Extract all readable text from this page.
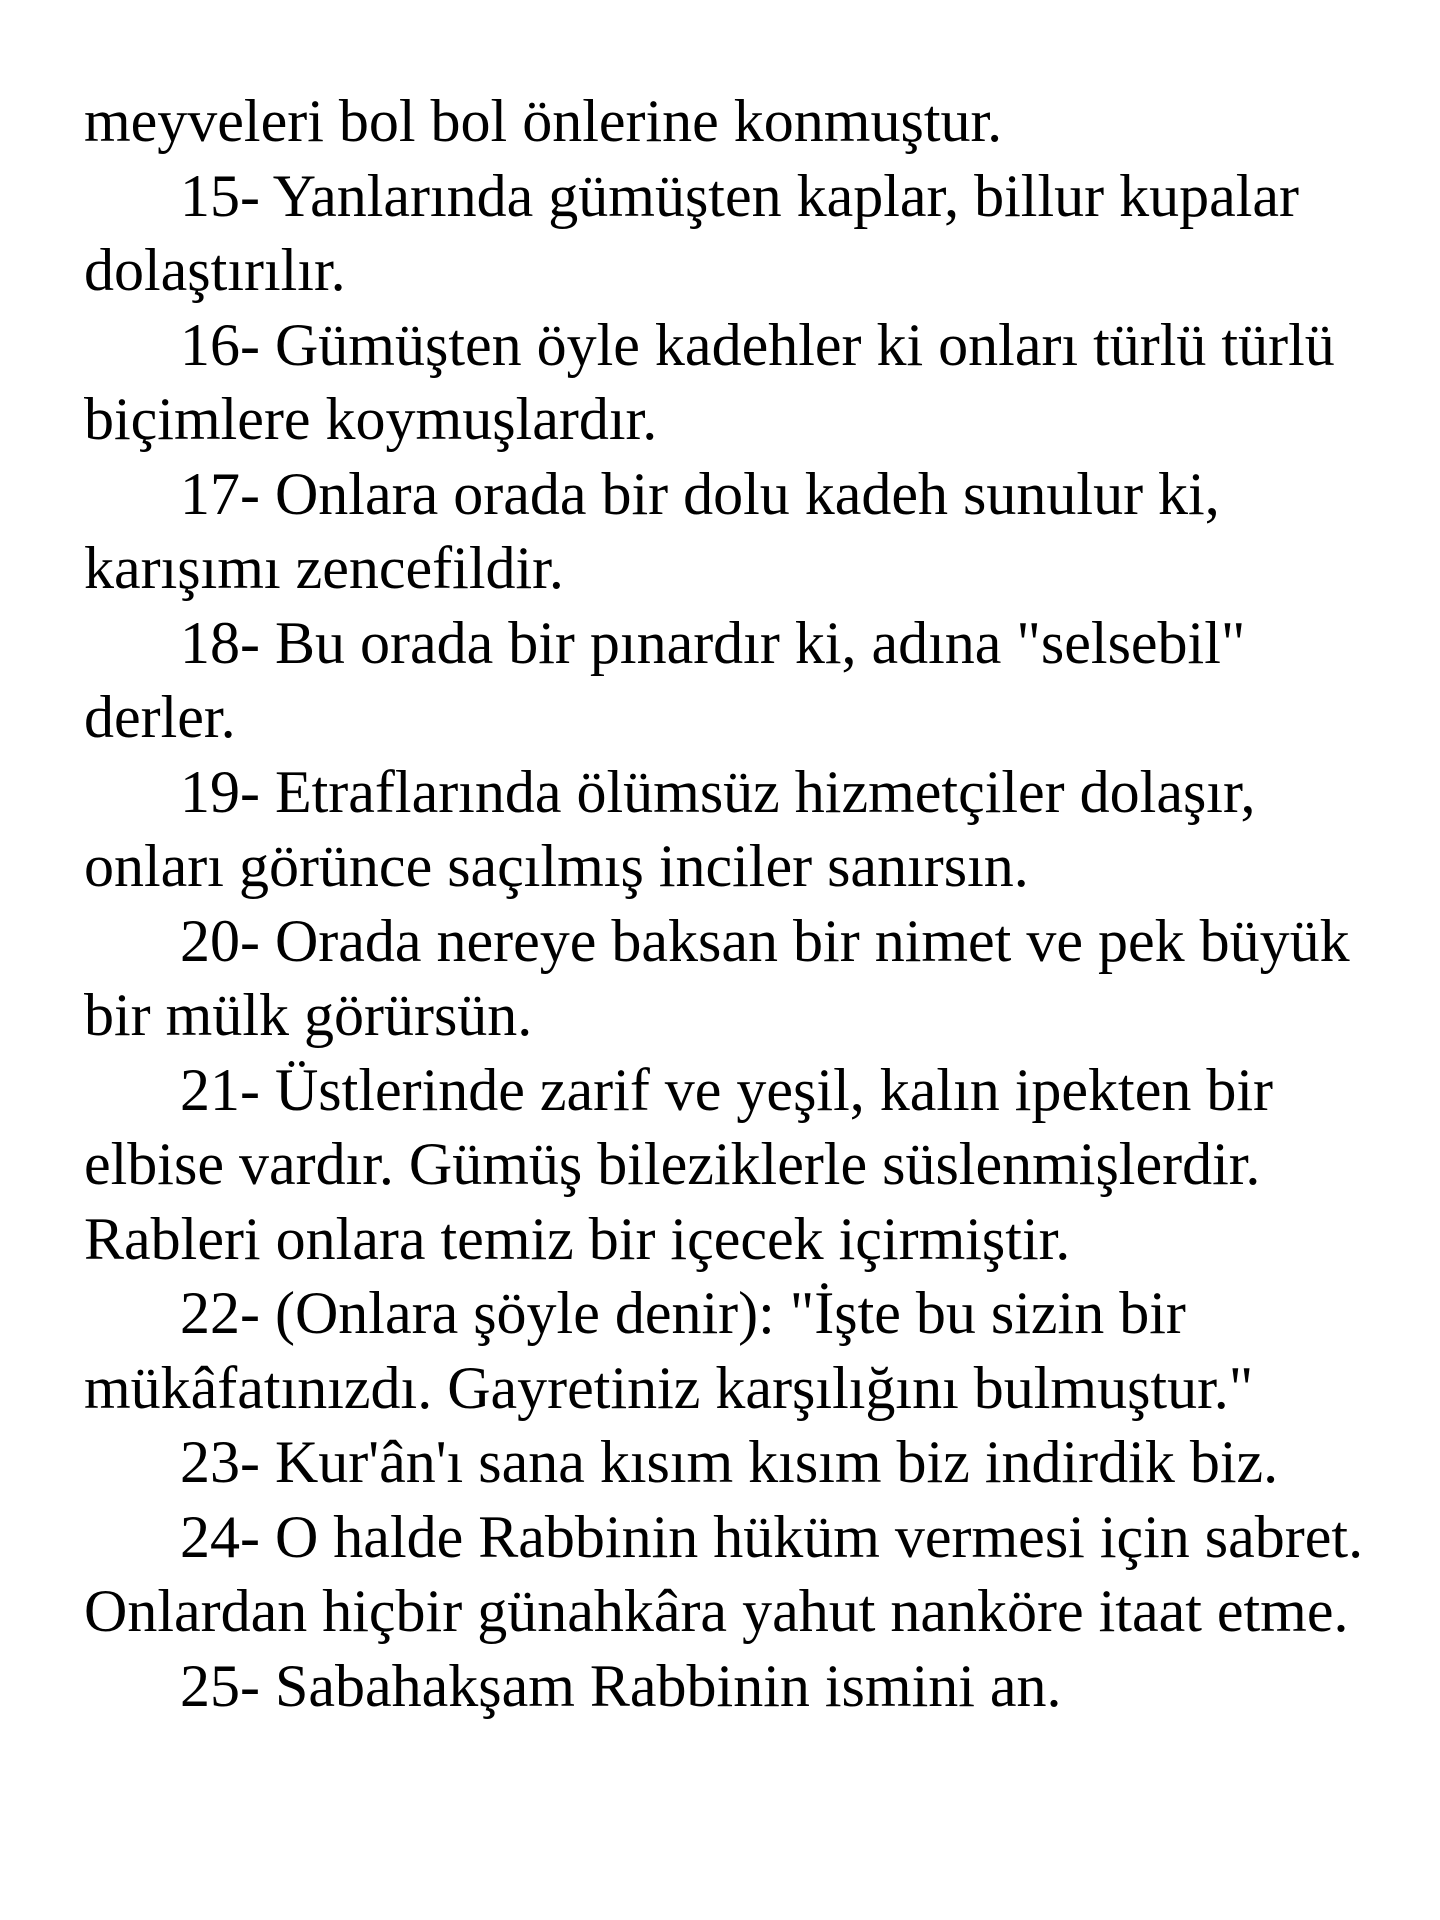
meyveleri bol bol önlerine konmuştur.

15- Yanlarında gümüşten kaplar, billur kupalar dolaştırılır.

16- Gümüşten öyle kadehler ki onları türlü türlü biçimlere koymuşlardır.

17- Onlara orada bir dolu kadeh sunulur ki, karışımı zencefildir.

18- Bu orada bir pınardır ki, adına "selsebil" derler.

19- Etraflarında ölümsüz hizmetçiler dolaşır, onları görünce saçılmış inciler sanırsın.

20- Orada nereye baksan bir nimet ve pek büyük bir mülk görürsün.

21- Üstlerinde zarif ve yeşil, kalın ipekten bir elbise vardır. Gümüş bileziklerle süslenmişlerdir. Rableri onlara temiz bir içecek içirmiştir.

22- (Onlara şöyle denir): "İşte bu sizin bir mükâfatınızdı. Gayretiniz karşılığını bulmuştur."

23- Kur'ân'ı sana kısım kısım biz indirdik biz.

24- O halde Rabbinin hüküm vermesi için sabret. Onlardan hiçbir günahkâra yahut nanköre itaat etme.

25- Sabahakşam Rabbinin ismini an.
